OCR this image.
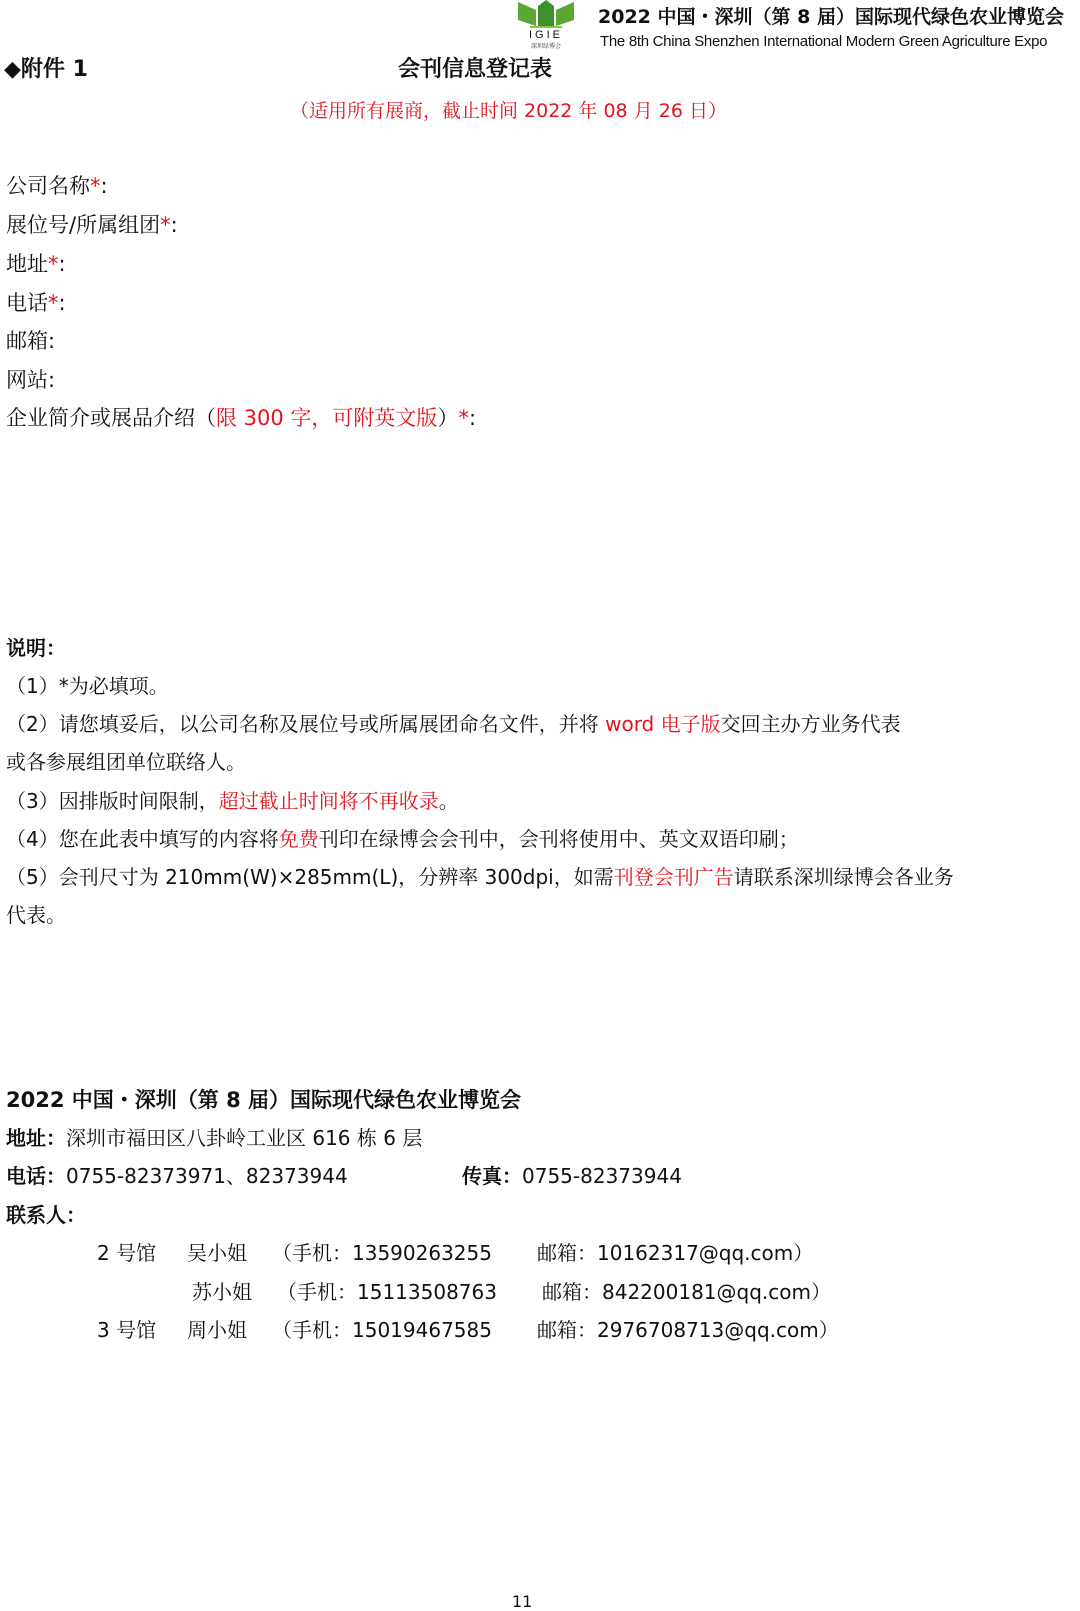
IGIE
深圳绿博会
2022 中国・深圳（第 8 届）国际现代绿色农业博览会
The 8th China Shenzhen International Modern Green Agriculture Expo
◆附件 1	会刊信息登记表
（适用所有展商，截止时间 2022 年 08 月 26 日）
公司名称*:
展位号/所属组团*:
地址*:
电话*:
邮箱:
网站:
企业简介或展品介绍（限 300 字，可附英文版）*:
说明：
（1）*为必填项。
（2）请您填妥后，以公司名称及展位号或所属展团命名文件，并将 word 电子版交回主办方业务代表
或各参展组团单位联络人。
（3）因排版时间限制，超过截止时间将不再收录。
（4）您在此表中填写的内容将免费刊印在绿博会会刊中，会刊将使用中、英文双语印刷；
（5）会刊尺寸为 210mm(W)×285mm(L)，分辨率 300dpi，如需刊登会刊广告请联系深圳绿博会各业务
代表。
2022 中国・深圳（第 8 届）国际现代绿色农业博览会
地址：深圳市福田区八卦岭工业区 616 栋 6 层
电话：0755-82373971、82373944	传真：0755-82373944
联系人：
2 号馆 吴小姐 （手机：13590263255 邮箱：10162317@qq.com）
苏小姐 （手机：15113508763 邮箱：842200181@qq.com）
3 号馆 周小姐 （手机：15019467585 邮箱：2976708713@qq.com）
11
